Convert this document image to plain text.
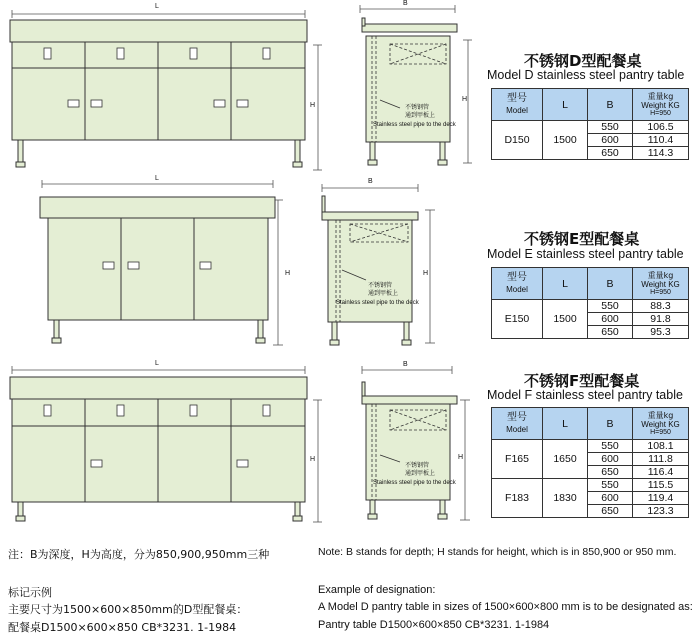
L
H
B
H
不锈钢管
通到甲板上
Stainless steel pipe to the deck
不锈钢D型配餐桌
Model D stainless steel pantry table
型号
Model	L	B	重量kg
Weight KG
H=950

D150	1500	550	106.5
		600	110.4
		650	114.3
L
H
B
H
不锈钢管
通到甲板上
Stainless steel pipe to the deck
不锈钢E型配餐桌
Model E stainless steel pantry table
型号
Model	L	B	重量kg
Weight KG
H=950

E150	1500	550	88.3
		600	91.8
		650	95.3
L
H
B
H
不锈钢管
通到甲板上
Stainless steel pipe to the deck
不锈钢F型配餐桌
Model F stainless steel pantry table
型号
Model	L	B	重量kg
Weight KG
H=950

F165	1650	550	108.1
		600	111.8
		650	116.4
F183	1830	550	115.5
		600	119.4
		650	123.3
注：B为深度，H为高度，分为850,900,950mm三种	Note: B stands for depth; H stands for height, which is in 850,900 or 950 mm.
标记示例
主要尺寸为1500×600×850mm的D型配餐桌：
配餐桌D1500×600×850 CB*3231. 1-1984
Example of designation:
A Model D pantry table in sizes of 1500×600×800 mm is to be designated as:
Pantry table D1500×600×850 CB*3231. 1-1984
